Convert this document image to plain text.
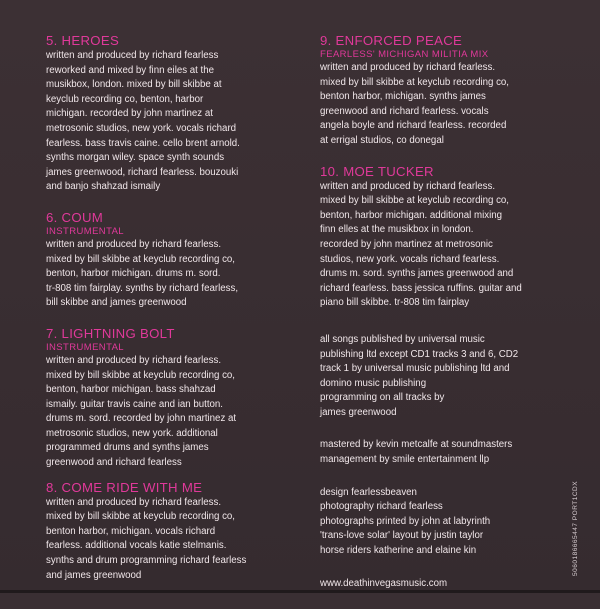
5. HEROES

written and produced by richard fearless
reworked and mixed by finn eiles at the
musikbox, london. mixed by bill skibbe at
keyclub recording co, benton, harbor
michigan. recorded by john martinez at
metrosonic studios, new york. vocals richard
fearless. bass travis caine. cello brent arnold.
synths morgan wiley. space synth sounds
james greenwood, richard fearless. bouzouki
and banjo shahzad ismaily

6. COUM
INSTRUMENTAL

written and produced by richard fearless.
mixed by bill skibbe at keyclub recording co,
benton, harbor michigan. drums m. sord.
tr-808 tim fairplay. synths by richard fearless,
bill skibbe and james greenwood

7. LIGHTNING BOLT
INSTRUMENTAL

written and produced by richard fearless.
mixed by bill skibbe at keyclub recording co,
benton, harbor michigan. bass shahzad
ismaily. guitar travis caine and ian button.
drums m. sord. recorded by john martinez at
metrosonic studios, new york. additional
programmed drums and synths james
greenwood and richard fearless

8. COME RIDE WITH ME

written and produced by richard fearless.
mixed by bill skibbe at keyclub recording co,
benton harbor, michigan. vocals richard
fearless. additional vocals katie stelmanis.
synths and drum programming richard fearless
and james greenwood

9. ENFORCED PEACE
FEARLESS' MICHIGAN MILITIA MIX

written and produced by richard fearless.
mixed by bill skibbe at keyclub recording co,
benton harbor, michigan. synths james
greenwood and richard fearless. vocals
angela boyle and richard fearless. recorded
at errigal studios, co donegal

10. MOE TUCKER

written and produced by richard fearless.
mixed by bill skibbe at keyclub recording co,
benton, harbor michigan. additional mixing
finn elles at the musikbox in london.
recorded by john martinez at metrosonic
studios, new york. vocals richard fearless.
drums m. sord. synths james greenwood and
richard fearless. bass jessica ruffins. guitar and
piano bill skibbe. tr-808 tim fairplay

all songs published by universal music
publishing ltd except CD1 tracks 3 and 6, CD2
track 1 by universal music publishing ltd and
domino music publishing
programming on all tracks by
james greenwood

mastered by kevin metcalfe at soundmasters
management by smile entertainment llp

design fearlessbeaven
photography richard fearless
photographs printed by john at labyrinth
'trans-love solar' layout by justin taylor
horse riders katherine and elaine kin

www.deathinvegasmusic.com

5060186665447 PORT1CDX
